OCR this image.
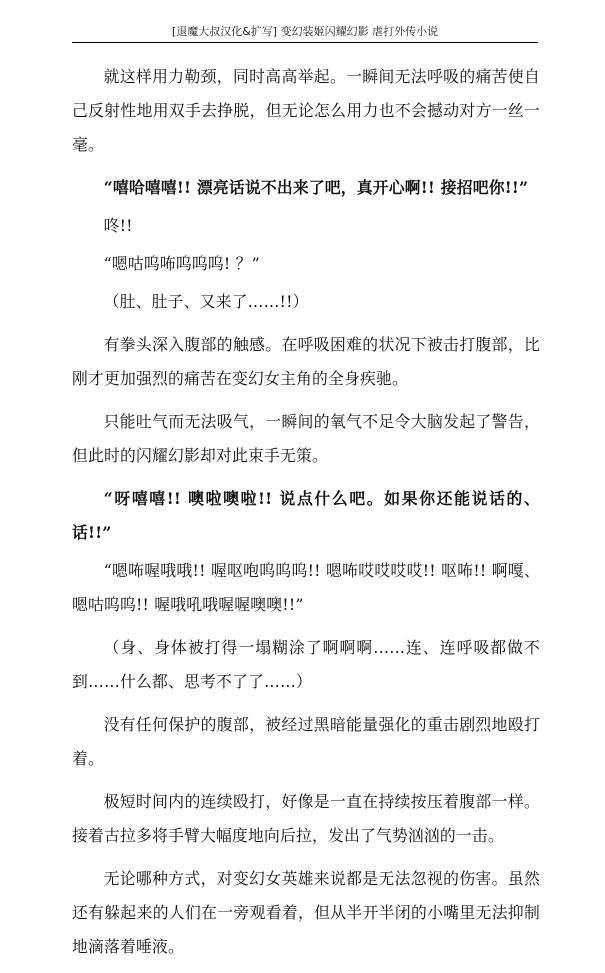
[退魔大叔汉化&扩写] 变幻装姬闪耀幻影 虐打外传小说

就这样用力勒颈，同时高高举起。一瞬间无法呼吸的痛苦使自己反射性地用双手去挣脱，但无论怎么用力也不会撼动对方一丝一毫。

“嘻哈嘻嘻!! 漂亮话说不出来了吧，真开心啊!! 接招吧你!!”

咚!!

“嗯咕呜咘呜呜呜! ？”

（肚、肚子、又来了……!!）

有拳头深入腹部的触感。在呼吸困难的状况下被击打腹部，比刚才更加强烈的痛苦在变幻女主角的全身疾驰。

只能吐气而无法吸气，一瞬间的氧气不足令大脑发起了警告，但此时的闪耀幻影却对此束手无策。

“呀嘻嘻!! 噢啦噢啦!! 说点什么吧。如果你还能说话的、话!!”

“嗯咘喔哦哦!! 喔呕咆呜呜呜!! 嗯咘哎哎哎哎!! 呕咘!! 啊嘎、嗯咕呜呜!! 喔哦吼哦喔喔噢噢!!”

（身、身体被打得一塌糊涂了啊啊啊……连、连呼吸都做不到……什么都、思考不了了……）

没有任何保护的腹部，被经过黑暗能量强化的重击剧烈地殴打着。

极短时间内的连续殴打，好像是一直在持续按压着腹部一样。接着古拉多将手臂大幅度地向后拉，发出了气势汹汹的一击。

无论哪种方式，对变幻女英雄来说都是无法忽视的伤害。虽然还有躲起来的人们在一旁观看着，但从半开半闭的小嘴里无法抑制地滴落着唾液。
